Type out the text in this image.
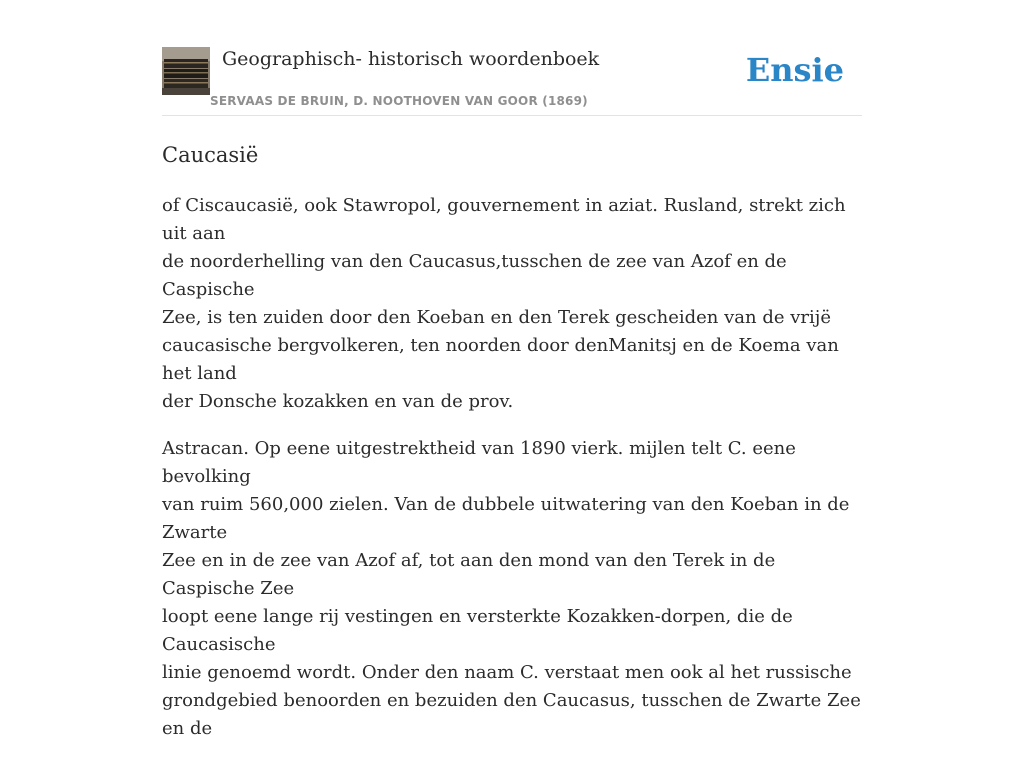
Geographisch- historisch woordenboek
SERVAAS DE BRUIN, D. NOOTHOVEN VAN GOOR (1869)
Ensie
Caucasië

of Ciscaucasië, ook Stawropol, gouvernement in aziat. Rusland, strekt zich uit aan
de noorderhelling van den Caucasus,tusschen de zee van Azof en de Caspische
Zee, is ten zuiden door den Koeban en den Terek gescheiden van de vrijë
caucasische bergvolkeren, ten noorden door denManitsj en de Koema van het land
der Donsche kozakken en van de prov.

Astracan. Op eene uitgestrektheid van 1890 vierk. mijlen telt C. eene bevolking
van ruim 560,000 zielen. Van de dubbele uitwatering van den Koeban in de Zwarte
Zee en in de zee van Azof af, tot aan den mond van den Terek in de Caspische Zee
loopt eene lange rij vestingen en versterkte Kozakken-dorpen, die de Caucasische
linie genoemd wordt. Onder den naam C. verstaat men ook al het russische
grondgebied benoorden en bezuiden den Caucasus, tusschen de Zwarte Zee en de
